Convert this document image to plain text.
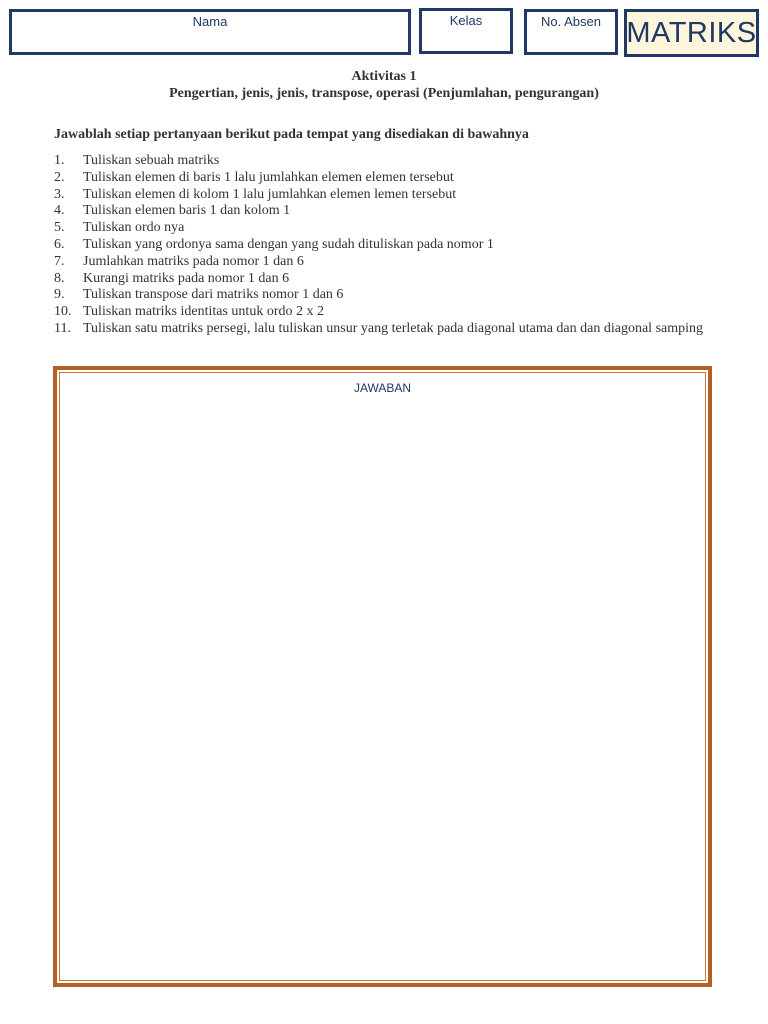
Nama	Kelas	No. Absen MATRIKS
Aktivitas 1
Pengertian, jenis, jenis, transpose, operasi (Penjumlahan, pengurangan)
Jawablah setiap pertanyaan berikut pada tempat yang disediakan di bawahnya
1.	Tuliskan sebuah matriks
2.	Tuliskan elemen di baris 1 lalu jumlahkan elemen elemen tersebut
3.	Tuliskan elemen di kolom 1 lalu jumlahkan elemen lemen tersebut
4.	Tuliskan elemen baris 1 dan kolom 1
5.	Tuliskan ordo nya
6.	Tuliskan yang ordonya sama dengan yang sudah dituliskan pada nomor 1
7.	Jumlahkan matriks pada nomor 1 dan 6
8.	Kurangi matriks pada nomor 1 dan 6
9.	Tuliskan transpose dari matriks nomor 1 dan 6
10. Tuliskan matriks identitas untuk ordo 2 x 2
11. Tuliskan satu matriks persegi, lalu tuliskan unsur yang terletak pada diagonal utama dan dan diagonal samping
JAWABAN
